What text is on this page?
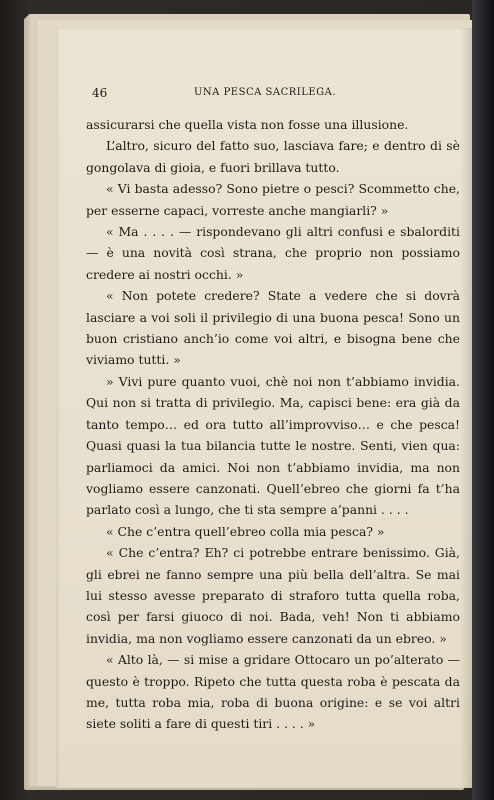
46	UNA PESCA SACRILEGA.

assicurarsi che quella vista non fosse una illusione.

L’altro, sicuro del fatto suo, lasciava fare; e dentro di sè gongolava di gioia, e fuori brillava tutto.

« Vi basta adesso? Sono pietre o pesci? Scommetto che, per esserne capaci, vorreste anche mangiarli? »

« Ma . . . . — rispondevano gli altri confusi e sbalorditi — è una novità così strana, che proprio non possiamo credere ai nostri occhi. »

« Non potete credere? State a vedere che si dovrà lasciare a voi soli il privilegio di una buona pesca! Sono un buon cristiano anch’io come voi altri, e bisogna bene che viviamo tutti. »

» Vivi pure quanto vuoi, chè noi non t’abbiamo invidia. Qui non si tratta di privilegio. Ma, capisci bene: era già da tanto tempo… ed ora tutto all’improvviso… e che pesca! Quasi quasi la tua bilancia tutte le nostre. Senti, vien qua: parliamoci da amici. Noi non t’abbiamo invidia, ma non vogliamo essere canzonati. Quell’ebreo che giorni fa t’ha parlato così a lungo, che ti sta sempre a’panni . . . .

« Che c’entra quell’ebreo colla mia pesca? »

« Che c’entra? Eh? ci potrebbe entrare benissimo. Già, gli ebrei ne fanno sempre una più bella dell’altra. Se mai lui stesso avesse preparato di straforo tutta quella roba, così per farsi giuoco di noi. Bada, veh! Non ti abbiamo invidia, ma non vogliamo essere canzonati da un ebreo. »

« Alto là, — si mise a gridare Ottocaro un po’alterato — questo è troppo. Ripeto che tutta questa roba è pescata da me, tutta roba mia, roba di buona origine: e se voi altri siete soliti a fare di questi tiri . . . . »
